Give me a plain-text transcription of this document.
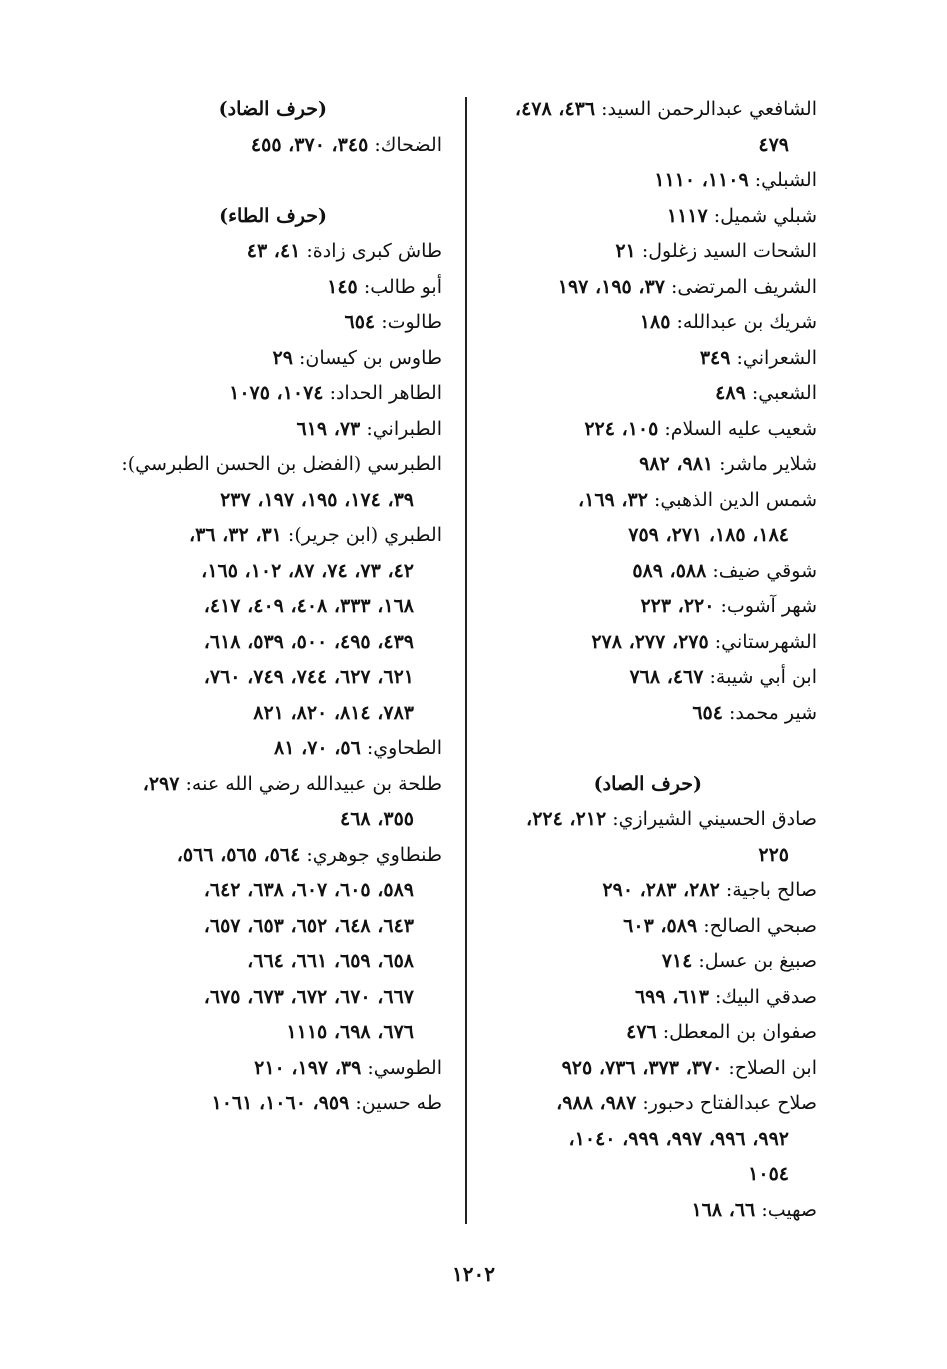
الشافعي عبدالرحمن السيد: ٤٣٦، ٤٧٨،
٤٧٩
الشبلي: ١١٠٩، ١١١٠
شبلي شميل: ١١١٧
الشحات السيد زغلول: ٢١
الشريف المرتضى: ٣٧، ١٩٥، ١٩٧
شريك بن عبدالله: ١٨٥
الشعراني: ٣٤٩
الشعبي: ٤٨٩
شعيب عليه السلام: ١٠٥، ٢٢٤
شلاير ماشر: ٩٨١، ٩٨٢
شمس الدين الذهبي: ٣٢، ١٦٩،
١٨٤، ١٨٥، ٢٧١، ٧٥٩
شوقي ضيف: ٥٨٨، ٥٨٩
شهر آشوب: ٢٢٠، ٢٢٣
الشهرستاني: ٢٧٥، ٢٧٧، ٢٧٨
ابن أبي شيبة: ٤٦٧، ٧٦٨
شير محمد: ٦٥٤
(حرف الصاد)
صادق الحسيني الشيرازي: ٢١٢، ٢٢٤،
٢٢٥
صالح باجية: ٢٨٢، ٢٨٣، ٢٩٠
صبحي الصالح: ٥٨٩، ٦٠٣
صبيغ بن عسل: ٧١٤
صدقي البيك: ٦١٣، ٦٩٩
صفوان بن المعطل: ٤٧٦
ابن الصلاح: ٣٧٠، ٣٧٣، ٧٣٦، ٩٢٥
صلاح عبدالفتاح دحبور: ٩٨٧، ٩٨٨،
٩٩٢، ٩٩٦، ٩٩٧، ٩٩٩، ١٠٤٠،
١٠٥٤
صهيب: ٦٦، ١٦٨
(حرف الضاد)
الضحاك: ٣٤٥، ٣٧٠، ٤٥٥
(حرف الطاء)
طاش كبرى زادة: ٤١، ٤٣
أبو طالب: ١٤٥
طالوت: ٦٥٤
طاوس بن كيسان: ٢٩
الطاهر الحداد: ١٠٧٤، ١٠٧٥
الطبراني: ٧٣، ٦١٩
الطبرسي (الفضل بن الحسن الطبرسي):
٣٩، ١٧٤، ١٩٥، ١٩٧، ٢٣٧
الطبري (ابن جرير): ٣١، ٣٢، ٣٦،
٤٢، ٧٣، ٧٤، ٨٧، ١٠٢، ١٦٥،
١٦٨، ٣٣٣، ٤٠٨، ٤٠٩، ٤١٧،
٤٣٩، ٤٩٥، ٥٠٠، ٥٣٩، ٦١٨،
٦٢١، ٦٢٧، ٧٤٤، ٧٤٩، ٧٦٠،
٧٨٣، ٨١٤، ٨٢٠، ٨٢١
الطحاوي: ٥٦، ٧٠، ٨١
طلحة بن عبيدالله رضي الله عنه: ٢٩٧،
٣٥٥، ٤٦٨
طنطاوي جوهري: ٥٦٤، ٥٦٥، ٥٦٦،
٥٨٩، ٦٠٥، ٦٠٧، ٦٣٨، ٦٤٢،
٦٤٣، ٦٤٨، ٦٥٢، ٦٥٣، ٦٥٧،
٦٥٨، ٦٥٩، ٦٦١، ٦٦٤،
٦٦٧، ٦٧٠، ٦٧٢، ٦٧٣، ٦٧٥،
٦٧٦، ٦٩٨، ١١١٥
الطوسي: ٣٩، ١٩٧، ٢١٠
طه حسين: ٩٥٩، ١٠٦٠، ١٠٦١
١٢٠٢
